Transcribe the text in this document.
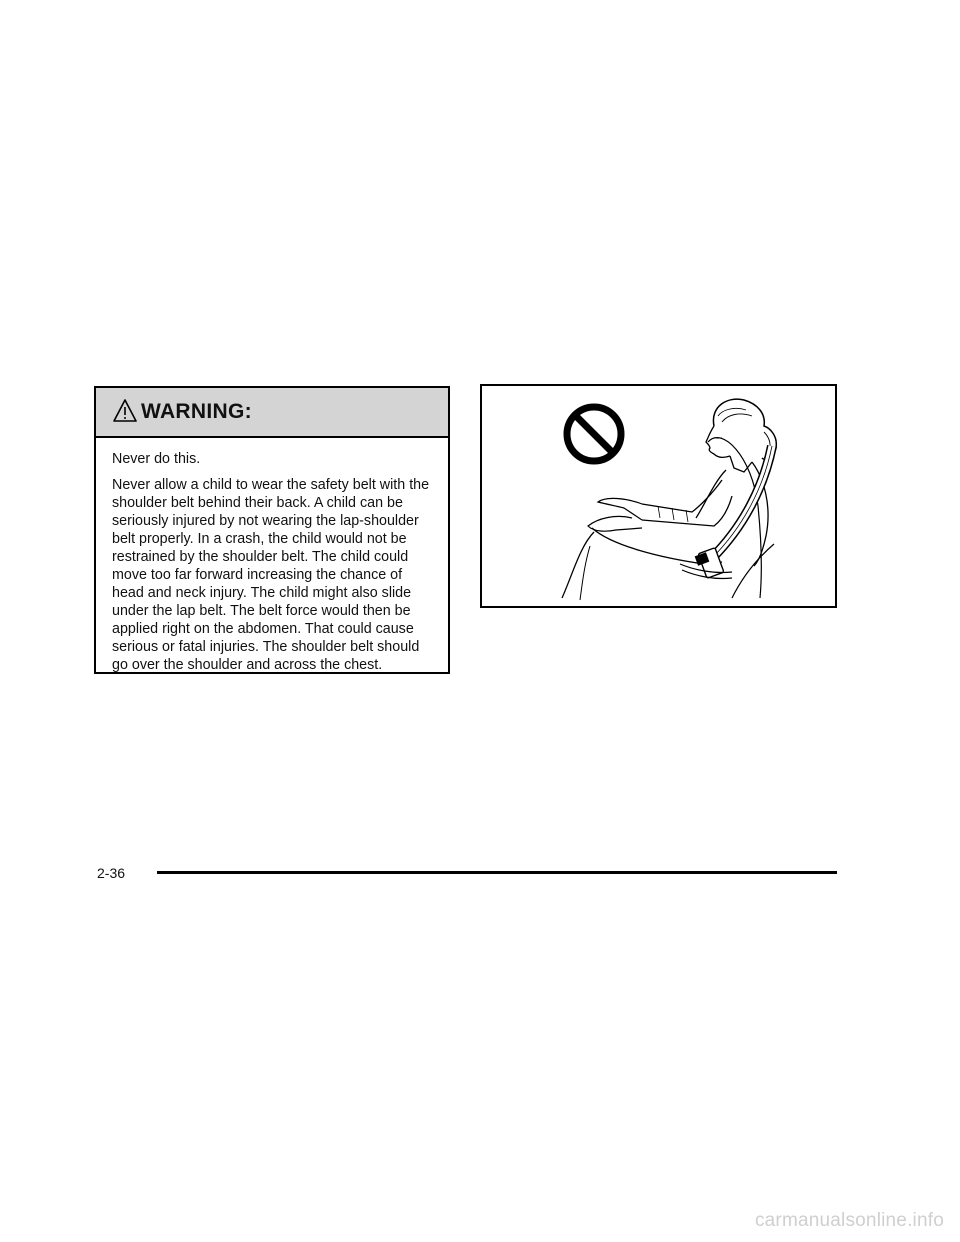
WARNING:

Never do this.

Never allow a child to wear the safety belt with the shoulder belt behind their back. A child can be seriously injured by not wearing the lap-shoulder belt properly. In a crash, the child would not be restrained by the shoulder belt. The child could move too far forward increasing the chance of head and neck injury. The child might also slide under the lap belt. The belt force would then be applied right on the abdomen. That could cause serious or fatal injuries. The shoulder belt should go over the shoulder and across the chest.

2-36
carmanualsonline.info
